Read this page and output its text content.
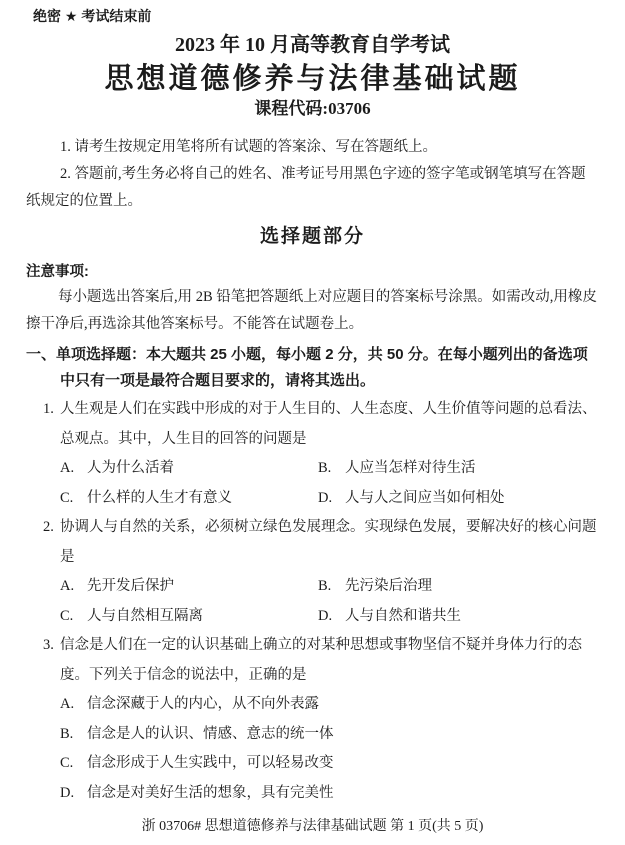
绝密 ★ 考试结束前
2023 年 10 月高等教育自学考试
思想道德修养与法律基础试题
课程代码:03706

1. 请考生按规定用笔将所有试题的答案涂、写在答题纸上。

2. 答题前,考生务必将自己的姓名、准考证号用黑色字迹的签字笔或钢笔填写在答题纸规定的位置上。

选择题部分
注意事项:

每小题选出答案后,用 2B 铅笔把答题纸上对应题目的答案标号涂黑。如需改动,用橡皮擦干净后,再选涂其他答案标号。不能答在试题卷上。

一、单项选择题：本大题共 25 小题，每小题 2 分，共 50 分。在每小题列出的备选项中只有一项是最符合题目要求的，请将其选出。

1. 人生观是人们在实践中形成的对于人生目的、人生态度、人生价值等问题的总看法、总观点。其中，人生目的回答的问题是
A. 人为什么活着	B. 人应当怎样对待生活
C. 什么样的人生才有意义	D. 人与人之间应当如何相处
2. 协调人与自然的关系，必须树立绿色发展理念。实现绿色发展，要解决好的核心问题是
A. 先开发后保护	B. 先污染后治理
C. 人与自然相互隔离	D. 人与自然和谐共生
3. 信念是人们在一定的认识基础上确立的对某种思想或事物坚信不疑并身体力行的态度。下列关于信念的说法中，正确的是
A. 信念深藏于人的内心，从不向外表露
B. 信念是人的认识、情感、意志的统一体
C. 信念形成于人生实践中，可以轻易改变
D. 信念是对美好生活的想象，具有完美性
浙 03706# 思想道德修养与法律基础试题 第 1 页(共 5 页)
